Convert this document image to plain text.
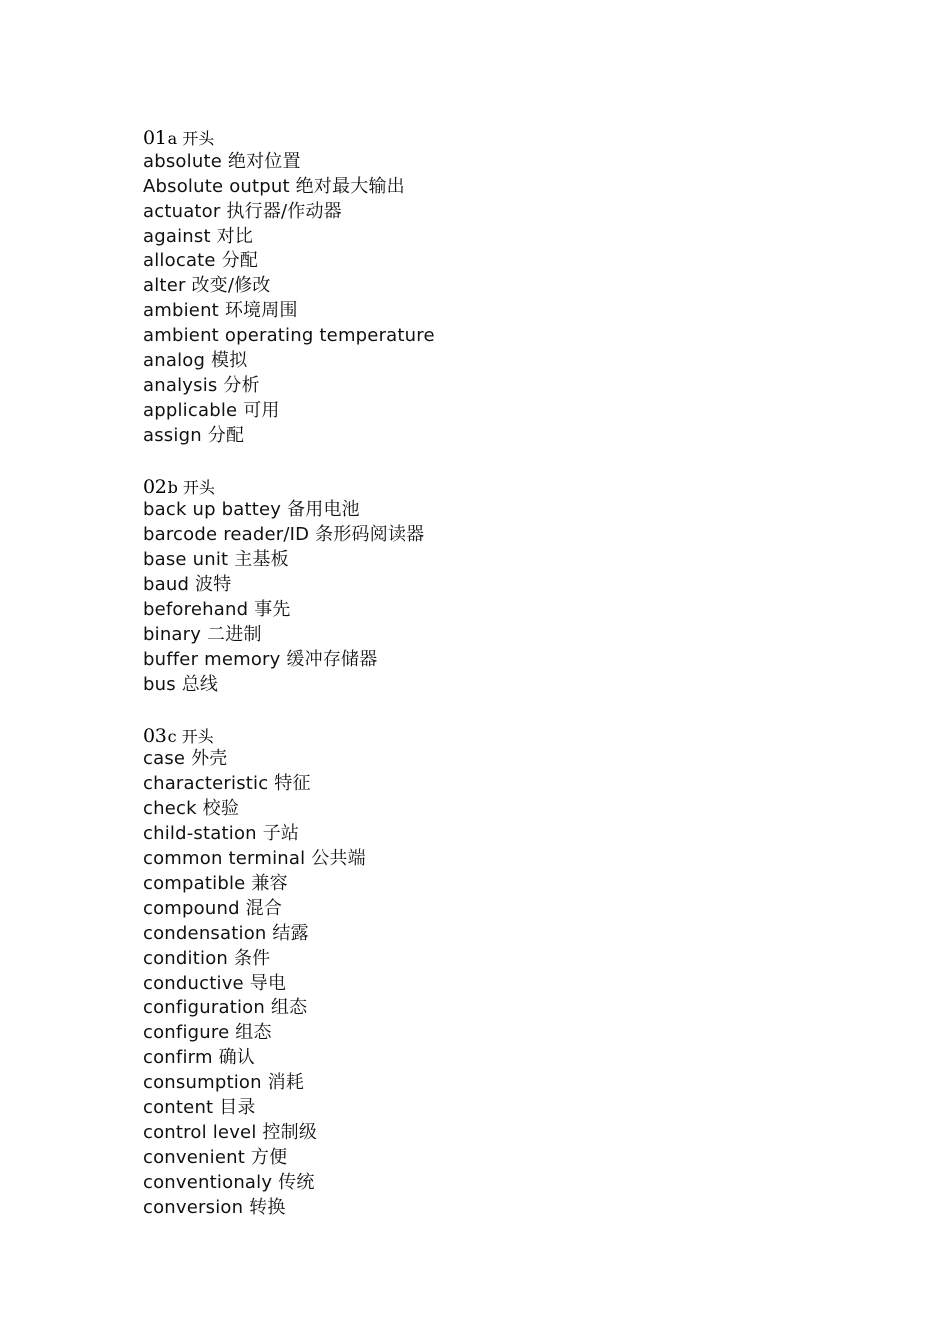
01a 开头
absolute 绝对位置
Absolute output 绝对最大输出
actuator 执行器/作动器
against 对比
allocate 分配
alter 改变/修改
ambient 环境周围
ambient operating temperature
analog 模拟
analysis 分析
applicable 可用
assign 分配
02b 开头
back up battey 备用电池
barcode reader/ID 条形码阅读器
base unit 主基板
baud 波特
beforehand 事先
binary 二进制
buffer memory 缓冲存储器
bus 总线
03c 开头
case 外壳
characteristic 特征
check 校验
child-station 子站
common terminal 公共端
compatible 兼容
compound 混合
condensation 结露
condition 条件
conductive 导电
configuration 组态
configure 组态
confirm 确认
consumption 消耗
content 目录
control level 控制级
convenient 方便
conventionaly 传统
conversion 转换
